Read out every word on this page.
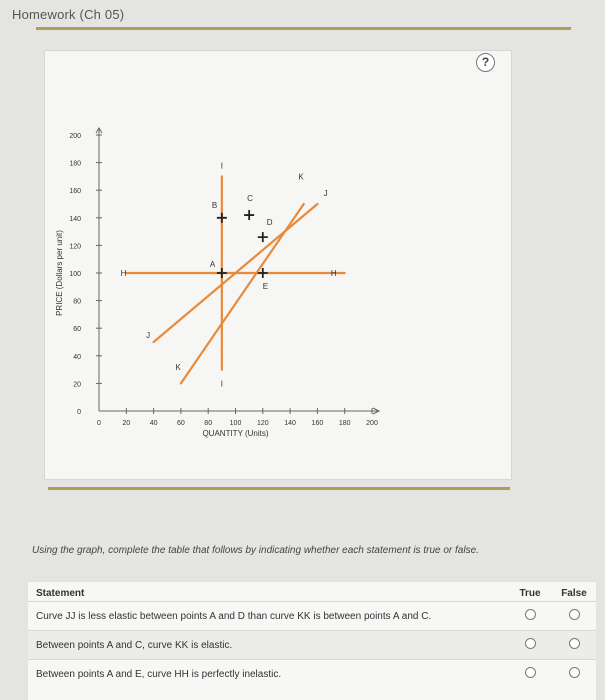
Homework (Ch 05)
?
0
20
40
60
80
100
120
140
160
180
200
0	20	40	60	80	100 120 140 160 180 200
QUANTITY (Units)
PRICE (Dollars per unit)	H	H
I
I
J
J
K
K
A
B
C
D
E
Using the graph, complete the table that follows by indicating whether each statement is true or false.
Statement	True	False
Curve JJ is less elastic between points A and D than curve KK is between points A and C.		
Between points A and C, curve KK is elastic.		
Between points A and E, curve HH is perfectly inelastic.		
